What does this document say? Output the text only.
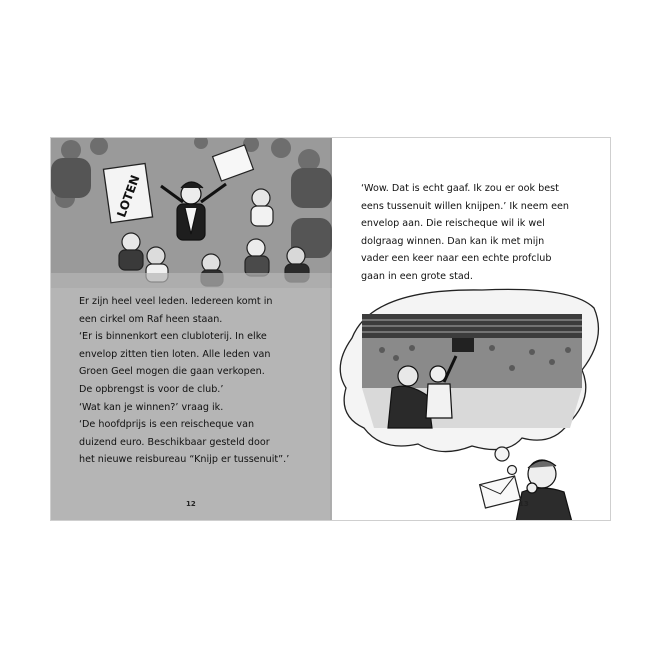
LOTEN
Er zijn heel veel leden. Iedereen komt in
een cirkel om Raf heen staan.
‘Er is binnenkort een clubloterij. In elke
envelop zitten tien loten. Alle leden van
Groen Geel mogen die gaan verkopen.
De opbrengst is voor de club.’
‘Wat kan je winnen?’ vraag ik.
‘De hoofdprijs is een reischeque van
duizend euro. Beschikbaar gesteld door
het nieuwe reisbureau “Knijp er tussenuit”.’
12
‘Wow. Dat is echt gaaf. Ik zou er ook best
eens tussenuit willen knijpen.’ Ik neem een
envelop aan. Die reischeque wil ik wel
dolgraag winnen. Dan kan ik met mijn
vader een keer naar een echte profclub
gaan in een grote stad.
13
